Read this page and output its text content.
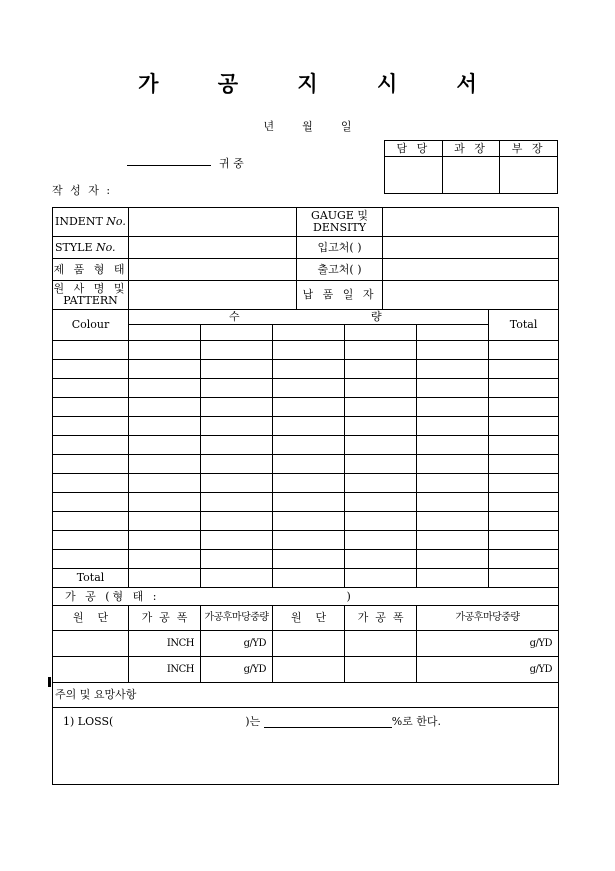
가 공 지 시 서
년	월	일
귀 중
작 성 자 :
담 당	과 장	부 장

INDENT No.				GAUGE 및
DENSITY				
STYLE No.				입고처( )				
제 품 형 태				출고처( )				
원 사 명 및
PATTERN				납 품 일 자				
Colour	수 량							Total

Total								
가 공 (형 태 : )								
원    단	가  공  폭	가공후마당중량	원    단		가  공  폭		가공후마당중량	
	INCH	g/YD					g/YD	
	INCH	g/YD					g/YD	
주의 및 요망사항								
1) LOSS( )는 %로 한다.								
